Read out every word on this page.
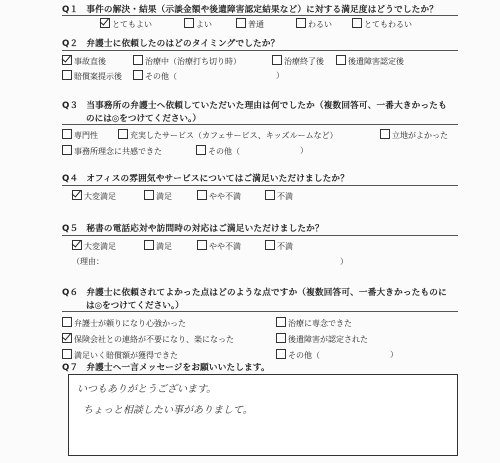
Q１ 事件の解決・結果（示談金額や後遺障害認定結果など）に対する満足度はどうでしたか？
とてもよい	よい	普通	わるい	とてもわるい
Q２ 弁護士に依頼したのはどのタイミングでしたか？
事故直後	治療中（治療打ち切り時）	治療終了後	後遺障害認定後
賠償案提示後	その他（	）
Q３ 当事務所の弁護士へ依頼していただいた理由は何でしたか（複数回答可、一番大きかったも
のには◎をつけてください。）
専門性	充実したサービス（カフェサービス、キッズルームなど）	立地がよかった
事務所理念に共感できた	その他（	）
Q４ オフィスの雰囲気やサービスについてはご満足いただけましたか？
大変満足	満足	やや不満	不満
Q５ 秘書の電話応対や訪問時の対応はご満足いただけましたか？
大変満足	満足	やや不満	不満
（理由：	）
Q６ 弁護士に依頼されてよかった点はどのような点ですか（複数回答可、一番大きかったものに
は◎をつけてください。）
弁護士が頼りになり心強かった	治療に専念できた
保険会社との連絡が不要になり、楽になった	後遺障害が認定された
満足いく賠償額が獲得できた	その他（	）
Q７ 弁護士へ一言メッセージをお願いいたします。
いつもありがとうございます。
ちょっと相談したい事がありまして。
